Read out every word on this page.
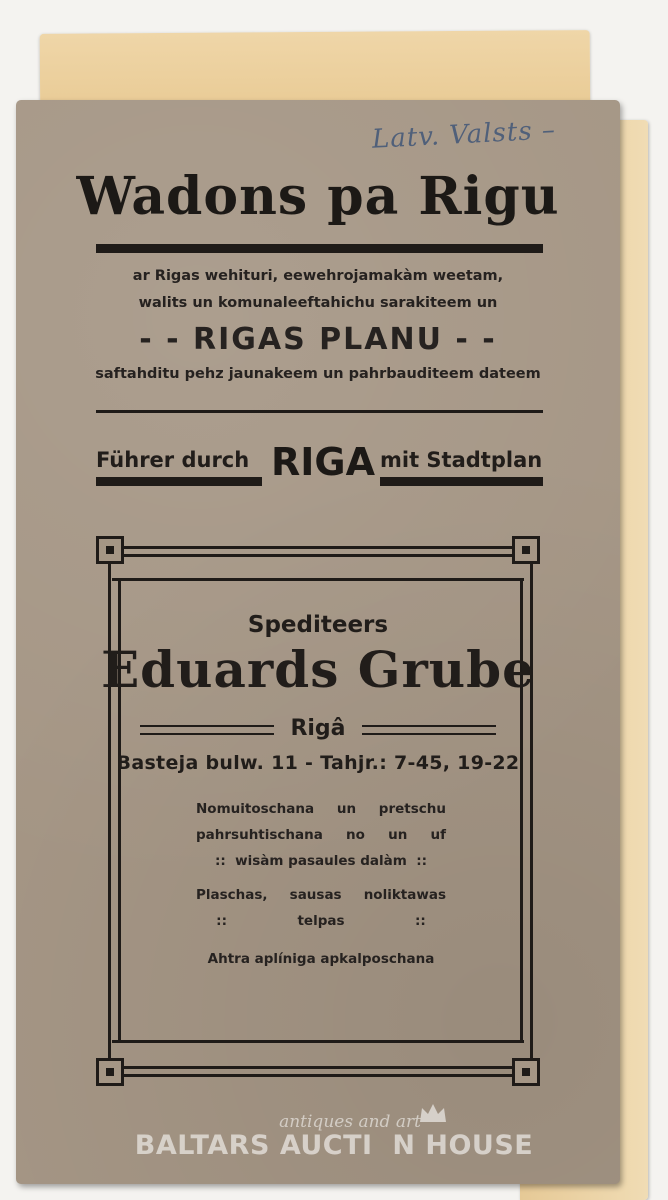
Latv. Valsts –
Wadons pa Rigu
ar Rigas wehituri, eewehrojamakàm weetam,
walits un komunaleeftahichu sarakiteem un
- - RIGAS PLANU - -
saftahditu pehz jaunakeem un pahrbauditeem dateem
Führer durch RIGA mit Stadtplan
Spediteers
Eduards Grube
Rigâ
Basteja bulw. 11 - Tahjr.: 7-45, 19-22
Nomuitoschana un pretschu
pahrsuhtischana no un uf
::  wisàm pasaules dalàm  ::
Plaschas, sausas noliktawas
::               telpas               ::
Ahtra aplíniga apkalposchana
antiques and art
BALTARS AUCTI  N HOUSE
